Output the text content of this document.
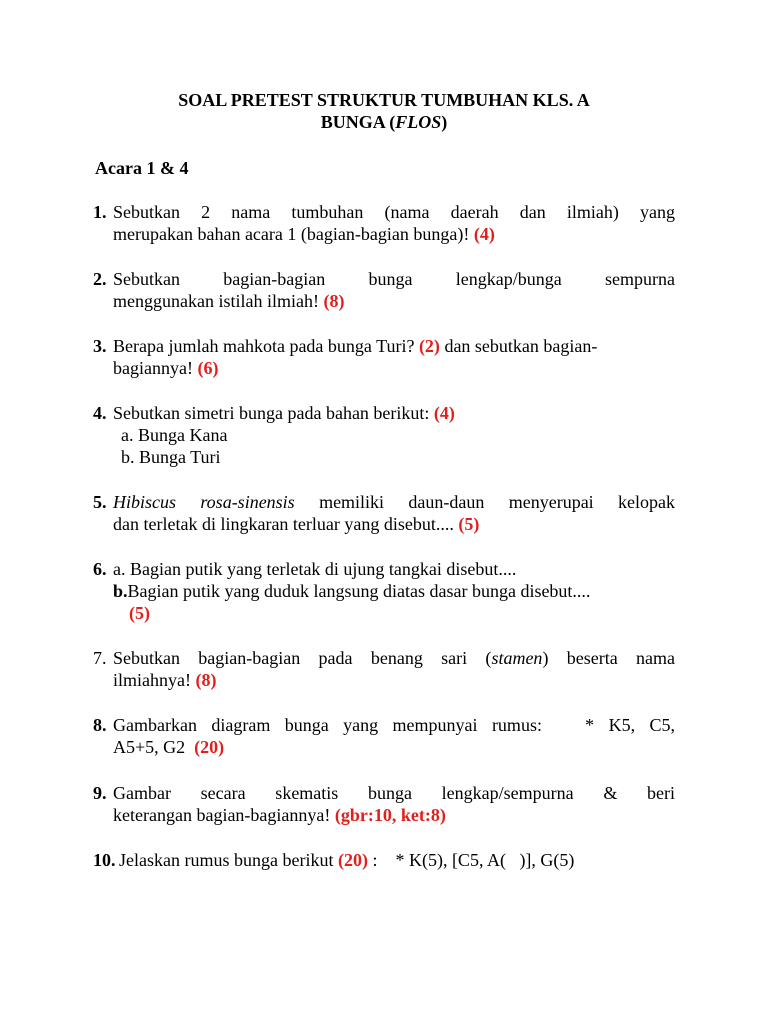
SOAL PRETEST STRUKTUR TUMBUHAN KLS. A
BUNGA (FLOS)
Acara 1 & 4
1. Sebutkan 2 nama tumbuhan (nama daerah dan ilmiah) yang
merupakan bahan acara 1 (bagian-bagian bunga)! (4)
2. Sebutkan bagian-bagian bunga lengkap/bunga sempurna
menggunakan istilah ilmiah! (8)
3. Berapa jumlah mahkota pada bunga Turi? (2) dan sebutkan bagian-
bagiannya! (6)
4. Sebutkan simetri bunga pada bahan berikut: (4)
a. Bunga Kana
b. Bunga Turi
5. Hibiscus rosa-sinensis memiliki daun-daun menyerupai kelopak
dan terletak di lingkaran terluar yang disebut.... (5)
6. a. Bagian putik yang terletak di ujung tangkai disebut....
b.Bagian putik yang duduk langsung diatas dasar bunga disebut....
(5)
7. Sebutkan bagian-bagian pada benang sari (stamen) beserta nama
ilmiahnya! (8)
8. Gambarkan diagram bunga yang mempunyai rumus:   * K5, C5,
A5+5, G2 (20)
9. Gambar secara skematis bunga lengkap/sempurna & beri
keterangan bagian-bagiannya! (gbr:10, ket:8)
10. Jelaskan rumus bunga berikut (20) :    * K(5), [C5, A(   )], G(5)
